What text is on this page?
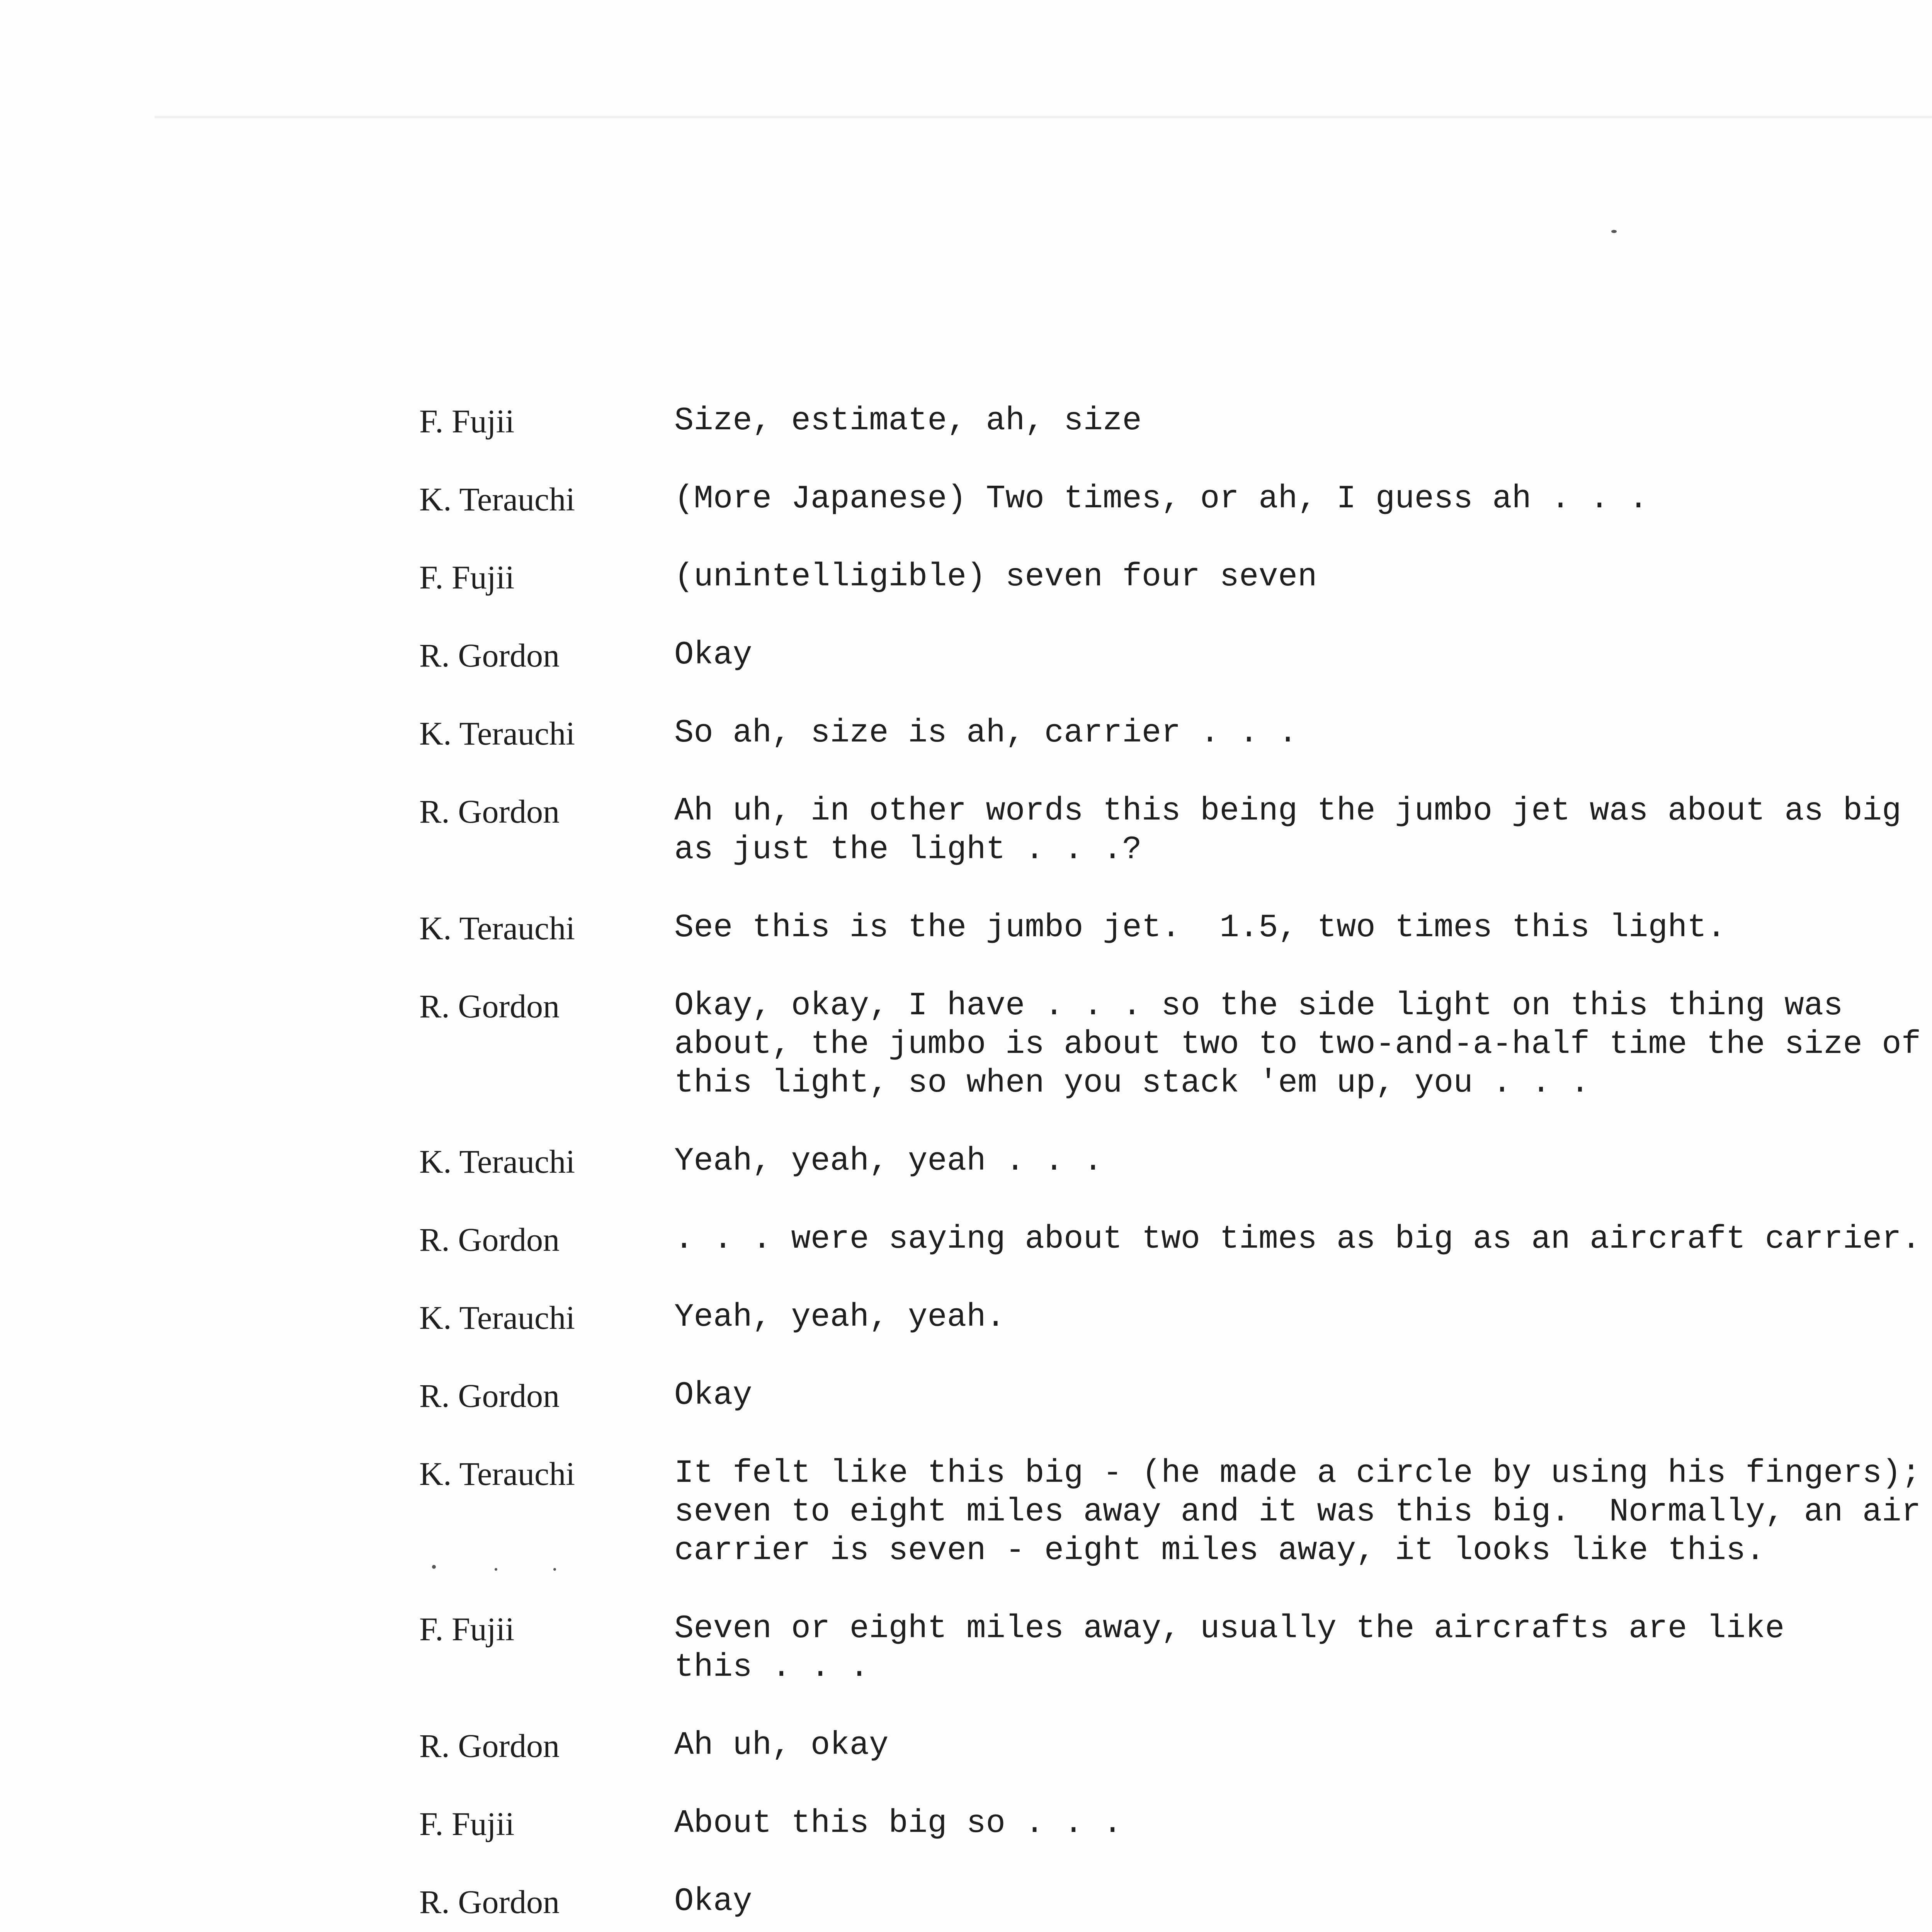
F. Fujii	Size, estimate, ah, size
K. Terauchi	(More Japanese) Two times, or ah, I guess ah . . .
F. Fujii	(unintelligible) seven four seven
R. Gordon	Okay
K. Terauchi	So ah, size is ah, carrier . . .
R. Gordon	Ah uh, in other words this being the jumbo jet was about as big
as just the light . . .?
K. Terauchi	See this is the jumbo jet.  1.5, two times this light.
R. Gordon	Okay, okay, I have . . . so the side light on this thing was
about, the jumbo is about two to two-and-a-half time the size of
this light, so when you stack 'em up, you . . .
K. Terauchi	Yeah, yeah, yeah . . .
R. Gordon	. . . were saying about two times as big as an aircraft carrier.
K. Terauchi	Yeah, yeah, yeah.
R. Gordon	Okay
K. Terauchi	It felt like this big - (he made a circle by using his fingers);
seven to eight miles away and it was this big.  Normally, an air
carrier is seven - eight miles away, it looks like this.
F. Fujii	Seven or eight miles away, usually the aircrafts are like
this . . .
R. Gordon	Ah uh, okay
F. Fujii	About this big so . . .
R. Gordon	Okay
